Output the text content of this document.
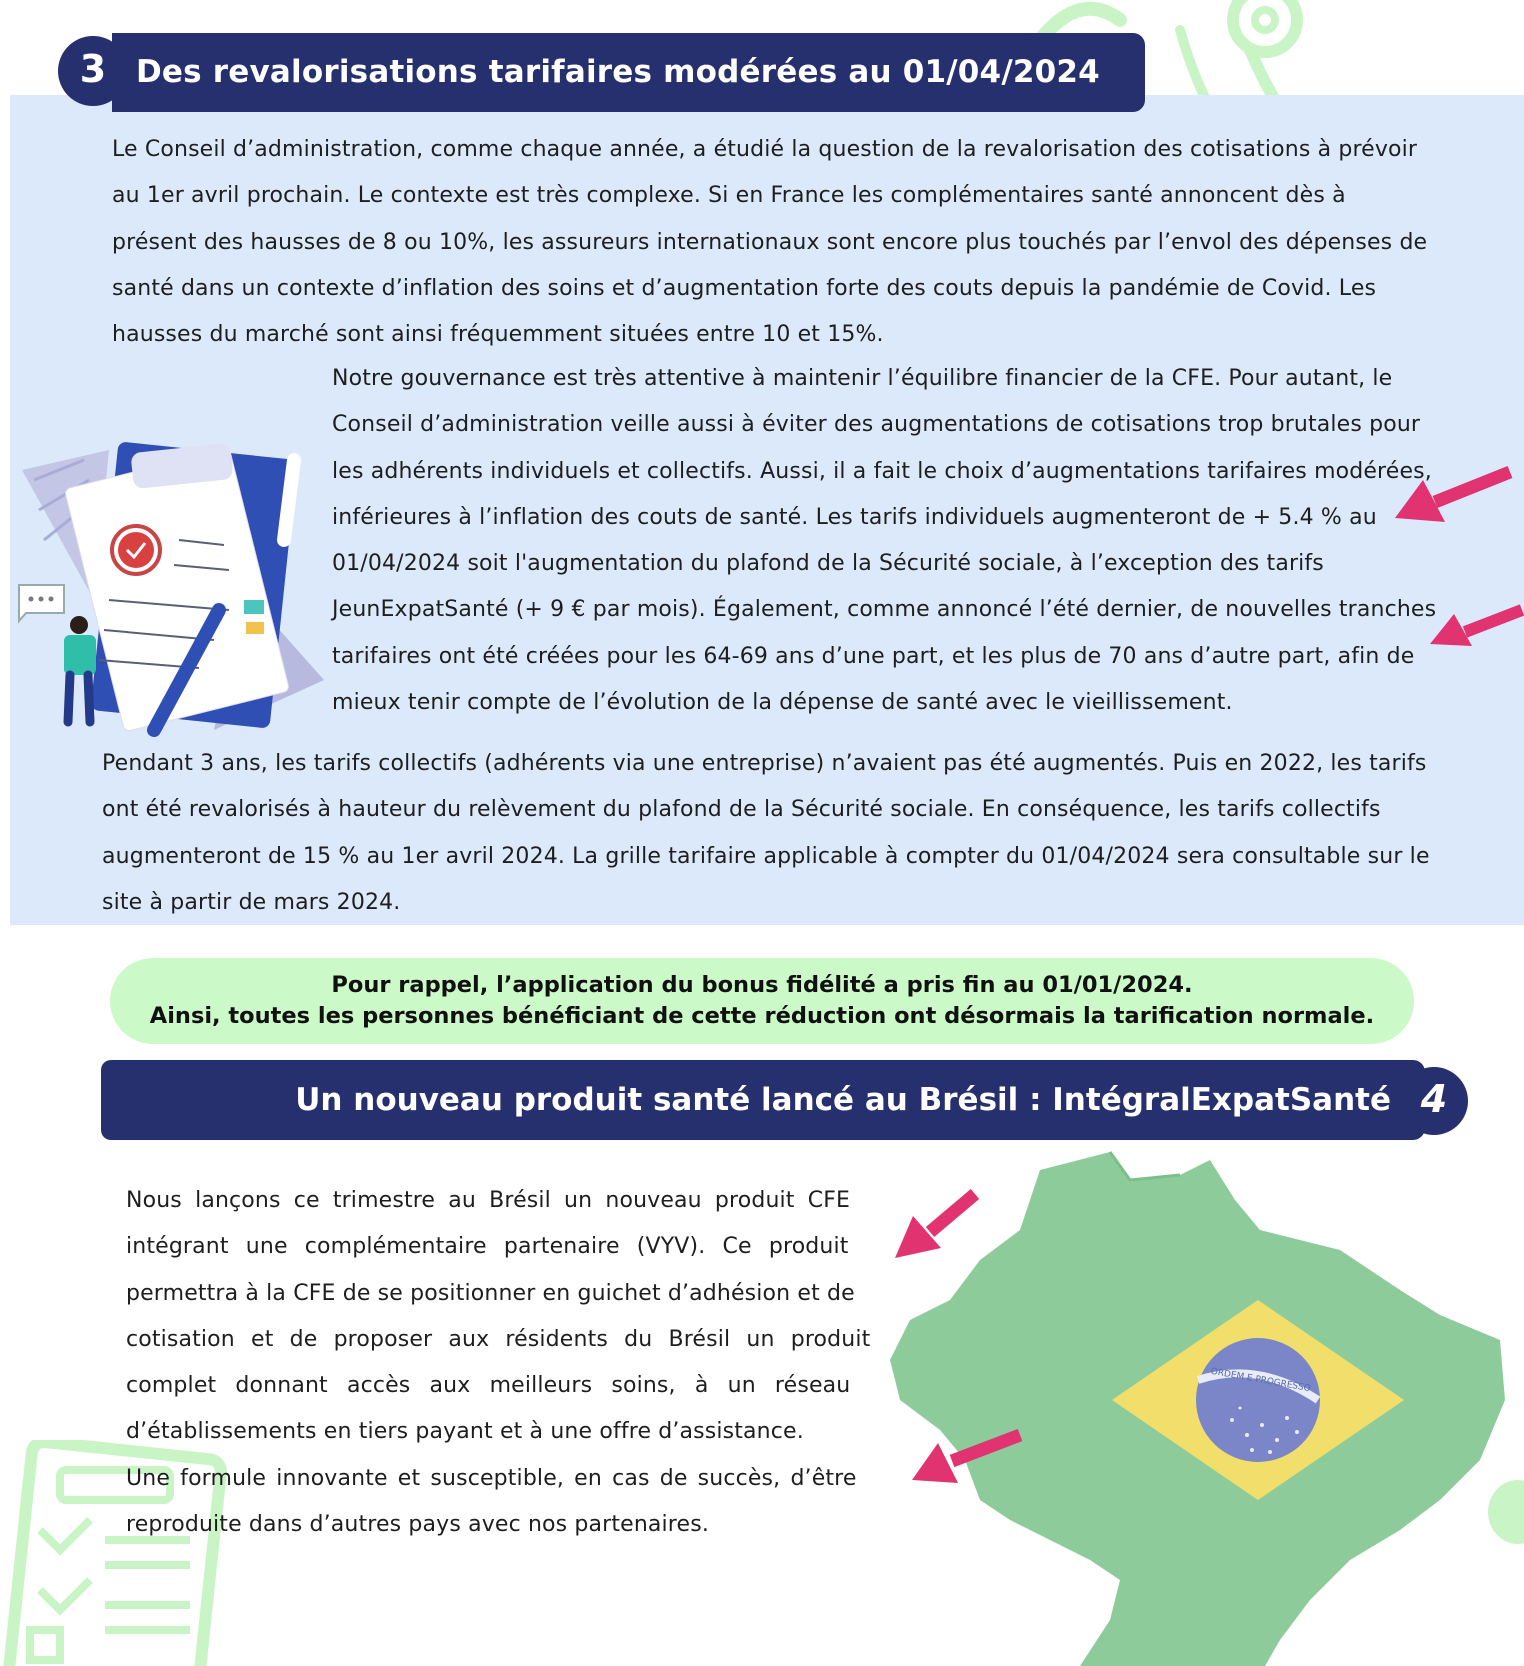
Des revalorisations tarifaires modérées au 01/04/2024
3

Le Conseil d’administration, comme chaque année, a étudié la question de la revalorisation des cotisations à prévoir

au 1er avril prochain. Le contexte est très complexe. Si en France les complémentaires santé annoncent dès à

présent des hausses de 8 ou 10%, les assureurs internationaux sont encore plus touchés par l’envol des dépenses de

santé dans un contexte d’inflation des soins et d’augmentation forte des couts depuis la pandémie de Covid. Les

hausses du marché sont ainsi fréquemment situées entre 10 et 15%.

Notre gouvernance est très attentive à maintenir l’équilibre financier de la CFE. Pour autant, le

Conseil d’administration veille aussi à éviter des augmentations de cotisations trop brutales pour

les adhérents individuels et collectifs. Aussi, il a fait le choix d’augmentations tarifaires modérées,

inférieures à l’inflation des couts de santé. Les tarifs individuels augmenteront de + 5.4 % au

01/04/2024 soit l'augmentation du plafond de la Sécurité sociale, à l’exception des tarifs

JeunExpatSanté (+ 9 € par mois). Également, comme annoncé l’été dernier, de nouvelles tranches

tarifaires ont été créées pour les 64-69 ans d’une part, et les plus de 70 ans d’autre part, afin de

mieux tenir compte de l’évolution de la dépense de santé avec le vieillissement.

Pendant 3 ans, les tarifs collectifs (adhérents via une entreprise) n’avaient pas été augmentés. Puis en 2022, les tarifs

ont été revalorisés à hauteur du relèvement du plafond de la Sécurité sociale. En conséquence, les tarifs collectifs

augmenteront de 15 % au 1er avril 2024. La grille tarifaire applicable à compter du 01/04/2024 sera consultable sur le

site à partir de mars 2024.

Pour rappel, l’application du bonus fidélité a pris fin au 01/01/2024.
Ainsi, toutes les personnes bénéficiant de cette réduction ont désormais la tarification normale.
Un nouveau produit santé lancé au Brésil : IntégralExpatSanté 4
ORDEM E PROGRESSO

Nous lançons ce trimestre au Brésil un nouveau produit CFE

intégrant une complémentaire partenaire (VYV). Ce produit

permettra à la CFE de se positionner en guichet d’adhésion et de

cotisation et de proposer aux résidents du Brésil un produit

complet donnant accès aux meilleurs soins, à un réseau

d’établissements en tiers payant et à une offre d’assistance.

Une formule innovante et susceptible, en cas de succès, d’être

reproduite dans d’autres pays avec nos partenaires.
